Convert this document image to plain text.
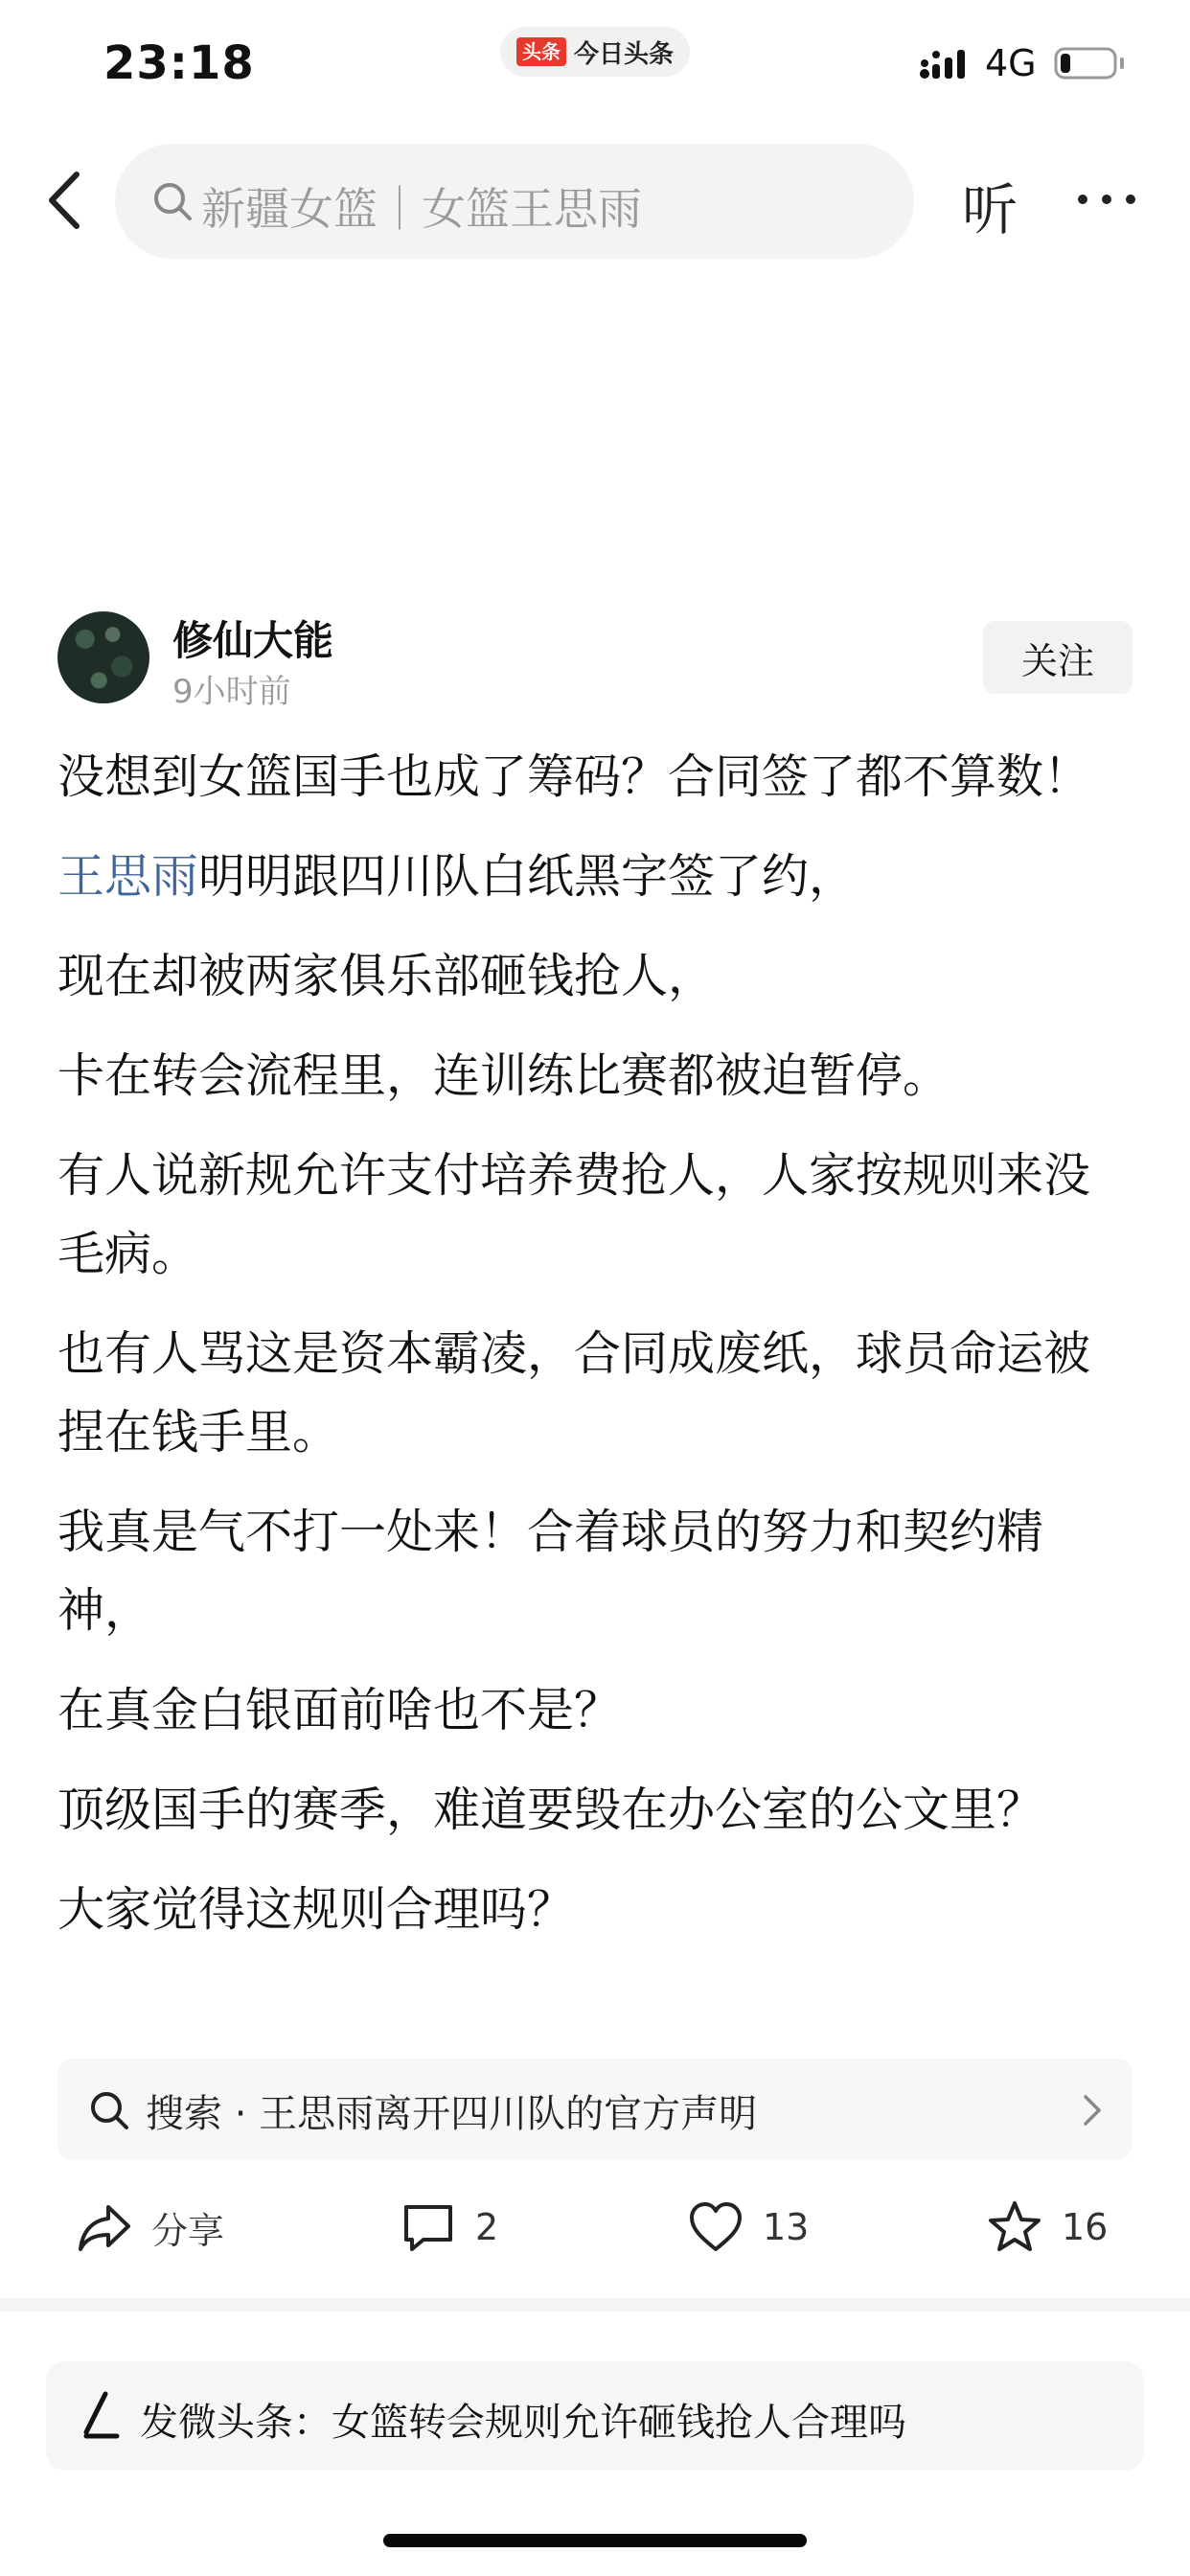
23:18	头条 今日头条	4G
新疆女篮｜女篮王思雨	听
修仙大能
9小时前
关注

没想到女篮国手也成了筹码？合同签了都不算数！

王思雨明明跟四川队白纸黑字签了约，

现在却被两家俱乐部砸钱抢人，

卡在转会流程里，连训练比赛都被迫暂停。

有人说新规允许支付培养费抢人，人家按规则来没毛病。

也有人骂这是资本霸凌，合同成废纸，球员命运被捏在钱手里。

我真是气不打一处来！合着球员的努力和契约精神，

在真金白银面前啥也不是？

顶级国手的赛季，难道要毁在办公室的公文里？

大家觉得这规则合理吗？

搜索 · 王思雨离开四川队的官方声明
分享	2	13	16
发微头条：女篮转会规则允许砸钱抢人合理吗
